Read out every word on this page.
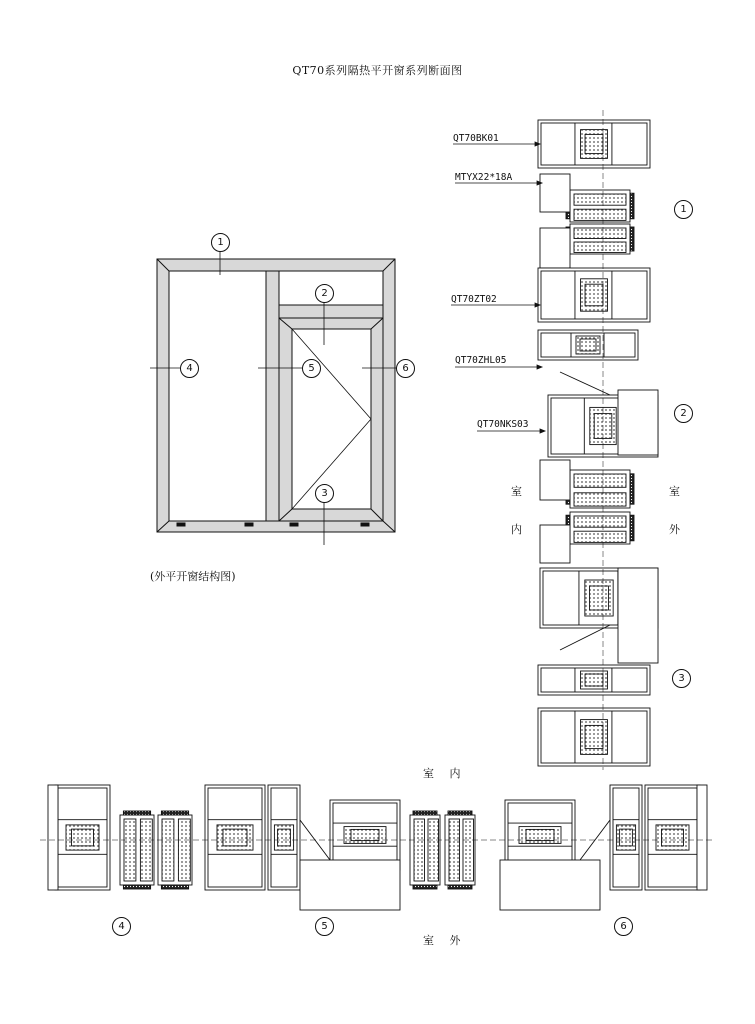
QT70系列隔热平开窗系列断面图
1
2
3
4	5	6
1
2
3
4	5	6
(外平开窗结构图)
QT70BK01
MTYX22*18A
QT70ZT02
QT70ZHL05
QT70NKS03
室
内
室
外
室 内
室 外
